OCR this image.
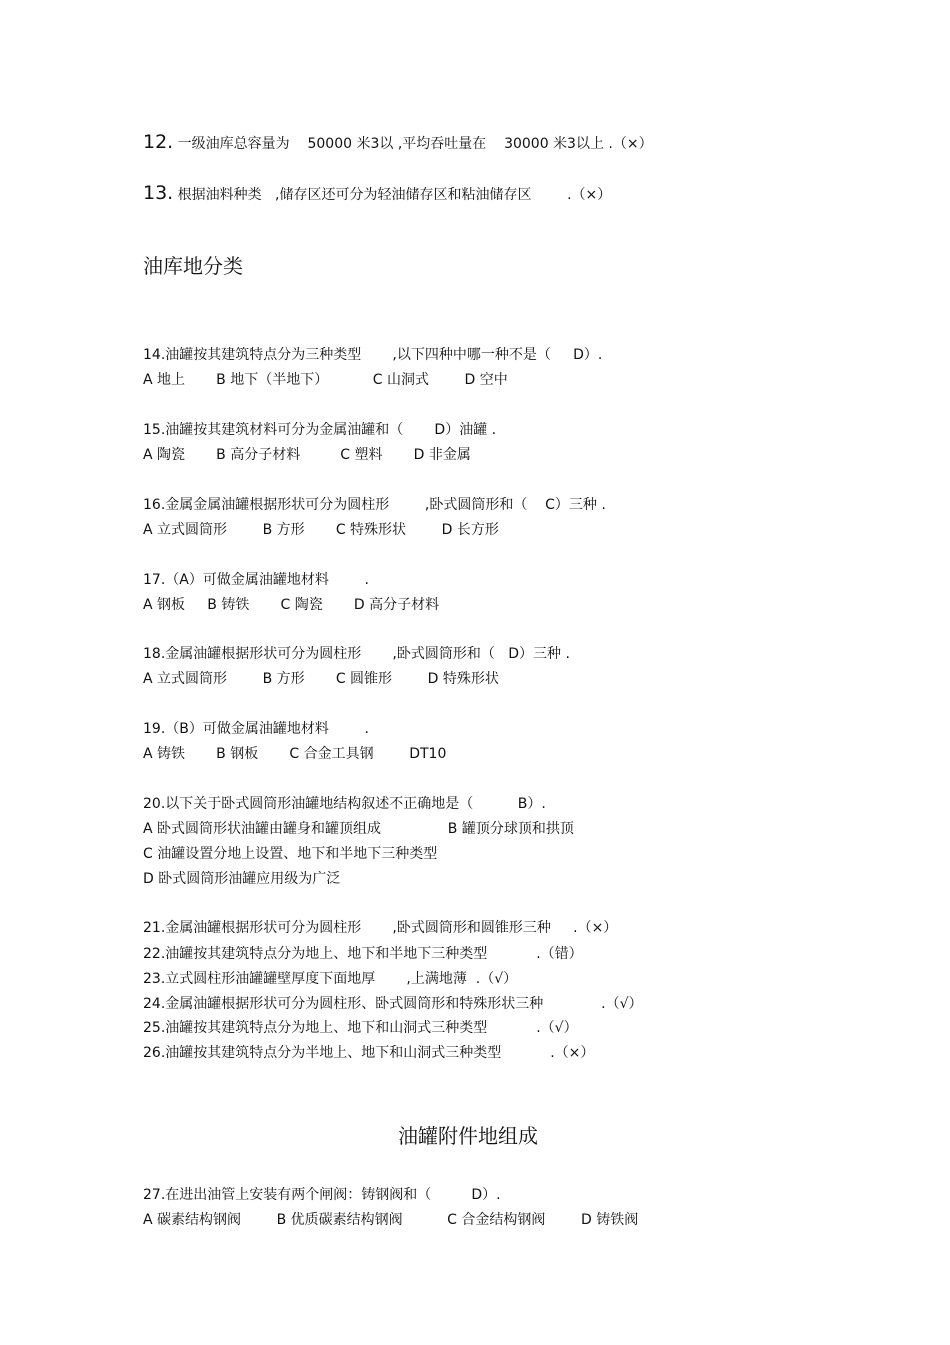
12. 一级油库总容量为    50000 米3以 ,平均吞吐量在    30000 米3以上 .（×）
13. 根据油料种类   ,储存区还可分为轻油储存区和粘油储存区        .（×）
油库地分类
14.油罐按其建筑特点分为三种类型       ,以下四种中哪一种不是（     D）.
A 地上       B 地下（半地下）          C 山洞式        D 空中
15.油罐按其建筑材料可分为金属油罐和（       D）油罐 .
A 陶瓷       B 高分子材料         C 塑料       D 非金属
16.金属金属油罐根据形状可分为圆柱形        ,卧式圆筒形和（    C）三种 .
A 立式圆筒形        B 方形       C 特殊形状        D 长方形
17.（A）可做金属油罐地材料        .
A 钢板     B 铸铁       C 陶瓷       D 高分子材料
18.金属油罐根据形状可分为圆柱形       ,卧式圆筒形和（   D）三种 .
A 立式圆筒形        B 方形       C 圆锥形        D 特殊形状
19.（B）可做金属油罐地材料        .
A 铸铁       B 钢板       C 合金工具钢        DT10
20.以下关于卧式圆筒形油罐地结构叙述不正确地是（          B）.
A 卧式圆筒形状油罐由罐身和罐顶组成               B 罐顶分球顶和拱顶
C 油罐设置分地上设置、地下和半地下三种类型
D 卧式圆筒形油罐应用级为广泛
21.金属油罐根据形状可分为圆柱形       ,卧式圆筒形和圆锥形三种     .（×）
22.油罐按其建筑特点分为地上、地下和半地下三种类型           .（错）
23.立式圆柱形油罐罐壁厚度下面地厚       ,上满地薄  .（√）
24.金属油罐根据形状可分为圆柱形、卧式圆筒形和特殊形状三种             .（√）
25.油罐按其建筑特点分为地上、地下和山洞式三种类型           .（√）
26.油罐按其建筑特点分为半地上、地下和山洞式三种类型           .（×）
油罐附件地组成
27.在进出油管上安装有两个闸阀：铸钢阀和（         D）.
A 碳素结构钢阀        B 优质碳素结构钢阀          C 合金结构钢阀        D 铸铁阀
